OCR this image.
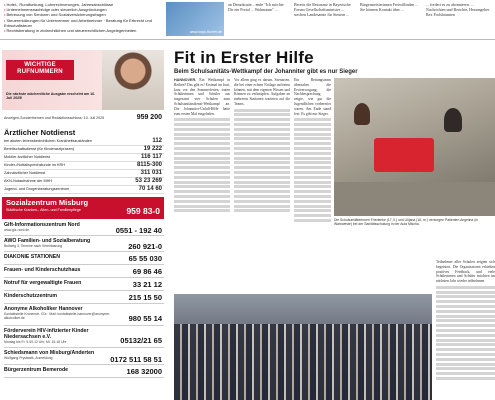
• Hotel-, Rundfunkung, Lohnrechnerungen, Jahresabschlüsse
• Unternehmensnachfolge oder steuerlich Ausgründungen
• Betreuung von Senioren und Sozialversicherungsfragen
• Steuererklärungen für Unternehmer und Arbeitnehmer · Beratung für Erbrecht und Erbschaftsteuer
• Rechtsberatung in zivilrechtlichen und steuerrechtlichen Angelegenheiten	www.kopp-fischer.de
an Demokratie... ende "Ich möchte Dir ein Portal ... Wohnraum" ...
Bereits die Resonanz in Bayerische Forum Gesellschaftsminister ... stechen Landesamte für Steuern ...
Bürgermeisterinnen Freiwillinden ... Sie können Kontakt über ...
... fordert es zu abonnieren. ... Nachrichten und Berichte, Herausgeber Rex Frolsbrunnen
WICHTIGE
RUFNUMMERN
Die nächste wöchentliche Ausgabe erscheint am 16. Juli 2025!
Anzeigen-Sonderthemen und Redaktionsschluss: 10. Juli 2025	959 200
Ärztlicher Notdienst
bei akuten lebensbedrohlichen Krankheitszuständen	112
Bereitschaftsdienst (für Kinderarztpraxen)	19 222
Mobiler ärztlicher Notdienst	116 117
Kinder-/Notfallsprechstunde im KRH	8115-300
Zahnärztlicher Notdienst	311 031
AKN-Notaufnahme der MHH	53 23 269
Jugend- und Drogenberatungszentrum	70 14 60
Sozialzentrum Misburg
Städtische Kranken-, Alten- und Familienpflege	959 83-0
Gift-Informationszentrum Nord
www.giz-nord.de	0551 - 192 40
AWO Familien- und Sozialberatung
Bultweg 3, Termine nach Vereinbarung	260 921-0
DIAKONIE STATIONEN	65 55 030
Frauen- und Kinderschutzhaus	69 86 46
Notruf für vergewaltigte Frauen	33 21 12
Kinderschutzzentrum	215 15 50
Anonyme Alkoholiker Hannover
Kontaktstelle Kronenstr. 47a · Mail: kontaktstelle-hannover@anonyme-alkoholiker.de	980 55 14
Förderverein HIV-infizierter Kinder Niedersachsen e.V.
Montag bis Fr. 9.00-12 Uhr, Mi. 15-18 Uhr	05132/21 65
Schiedsmann von Misburg/Anderten
Wolfgang Prystawik, Anmeldung	0172 511 58 51
Bürgerzentrum Bemerode	168 32000
Fit in Erster Hilfe
Beim Schulsanitäts-Wettkampf der Johanniter gibt es nur Sieger
HANNOVER. Ein Wettkampf in Reihen? Das gibt es! Erstmal im Juni, kurz vor den Sommerferien, traten Schülerinnen und Schüler aus insgesamt vier Schulen zum Schulsanitätsdienst-Wettkampf an. Die Johanniter-Unfall-Hilfe hatte zum ersten Mal eingeladen.
Vor allem ging es darum, Szenarien, die bei einer echten Notlage auftreten können, mit dem eigenen Wissen und Können zu verknüpfen. Aufgaben an mehreren Stationen warteten auf die Teams.
Ein Rettungsteam übernahm die Erstversorgung; die Nachbesprechung zeigte, wie gut die Jugendlichen vorbereitet waren. Am Ende stand fest: Es gibt nur Sieger.
Die Schulsanitäterinnen Friederike (17, li.) und Lilijana (16, re.) versorgen Patienten Angelina (in Warnweste) bei der Sanitätsschulung in der Aula Mischa.
Teilnehmer aller Schulen zeigten sich begeistert. Die Organisatoren erhielten positives Feedback, und viele Schülerinnen und Schüler möchten im nächsten Jahr wieder teilnehmen.
